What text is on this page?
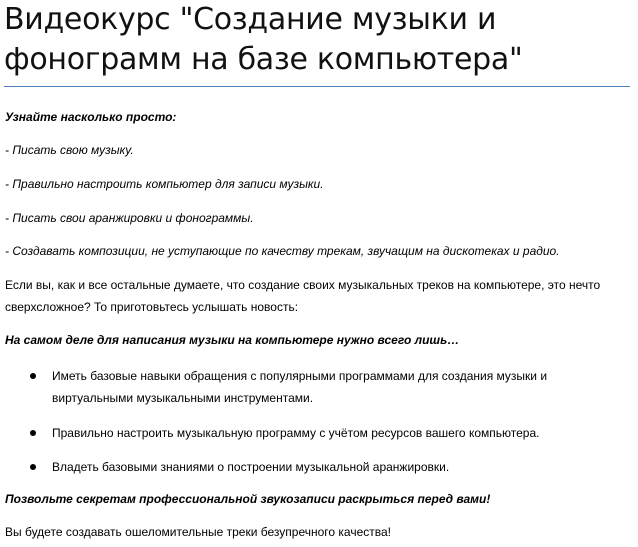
Видеокурс "Создание музыки и фонограмм на базе компьютера"

Узнайте насколько просто:

- Писать свою музыку.

- Правильно настроить компьютер для записи музыки.

- Писать свои аранжировки и фонограммы.

- Создавать композиции, не уступающие по качеству трекам, звучащим на дискотеках и радио.

Если вы, как и все остальные думаете, что создание своих музыкальных треков на компьютере, это нечто сверхсложное? То приготовьтесь услышать новость:

На самом деле для написания музыки на компьютере нужно всего лишь…

Иметь базовые навыки обращения с популярными программами для создания музыки и виртуальными музыкальными инструментами.

Правильно настроить музыкальную программу с учётом ресурсов вашего компьютера.

Владеть базовыми знаниями о построении музыкальной аранжировки.

Позвольте секретам профессиональной звукозаписи раскрыться перед вами!

Вы будете создавать ошеломительные треки безупречного качества!
